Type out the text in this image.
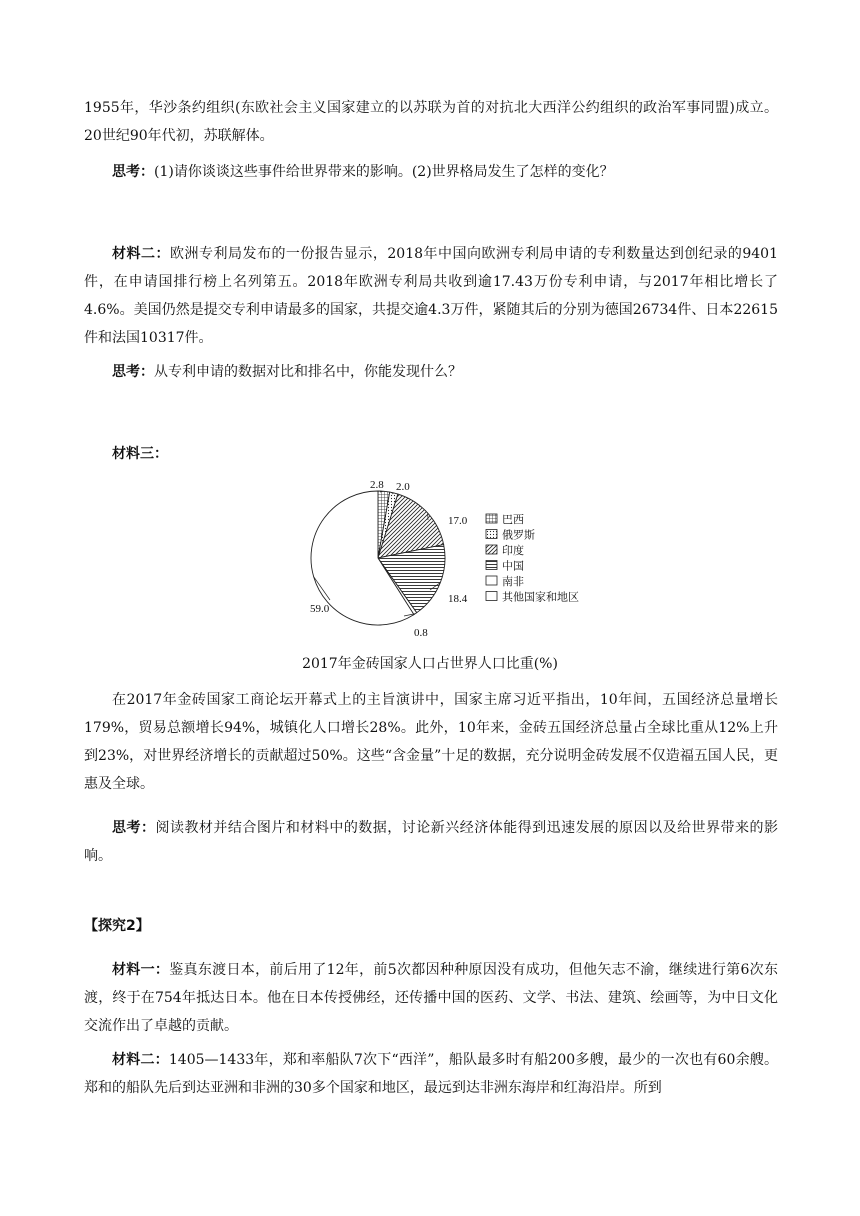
1955年，华沙条约组织(东欧社会主义国家建立的以苏联为首的对抗北大西洋公约组织的政治军事同盟)成立。20世纪90年代初，苏联解体。

思考：(1)请你谈谈这些事件给世界带来的影响。(2)世界格局发生了怎样的变化？

材料二：欧洲专利局发布的一份报告显示，2018年中国向欧洲专利局申请的专利数量达到创纪录的9401件，在申请国排行榜上名列第五。2018年欧洲专利局共收到逾17.43万份专利申请，与2017年相比增长了4.6%。美国仍然是提交专利申请最多的国家，共提交逾4.3万件，紧随其后的分别为德国26734件、日本22615件和法国10317件。

思考：从专利申请的数据对比和排名中，你能发现什么？

材料三：

2.8 2.0
17.0
18.4
0.8
59.0
巴西
俄罗斯
印度
中国
南非
其他国家和地区
2017年金砖国家人口占世界人口比重(%)

在2017年金砖国家工商论坛开幕式上的主旨演讲中，国家主席习近平指出，10年间，五国经济总量增长179%，贸易总额增长94%，城镇化人口增长28%。此外，10年来，金砖五国经济总量占全球比重从12%上升到23%，对世界经济增长的贡献超过50%。这些“含金量”十足的数据，充分说明金砖发展不仅造福五国人民，更惠及全球。

思考：阅读教材并结合图片和材料中的数据，讨论新兴经济体能得到迅速发展的原因以及给世界带来的影响。

【探究2】

材料一：鉴真东渡日本，前后用了12年，前5次都因种种原因没有成功，但他矢志不渝，继续进行第6次东渡，终于在754年抵达日本。他在日本传授佛经，还传播中国的医药、文学、书法、建筑、绘画等，为中日文化交流作出了卓越的贡献。

材料二：1405—1433年，郑和率船队7次下“西洋”，船队最多时有船200多艘，最少的一次也有60余艘。郑和的船队先后到达亚洲和非洲的30多个国家和地区，最远到达非洲东海岸和红海沿岸。所到
